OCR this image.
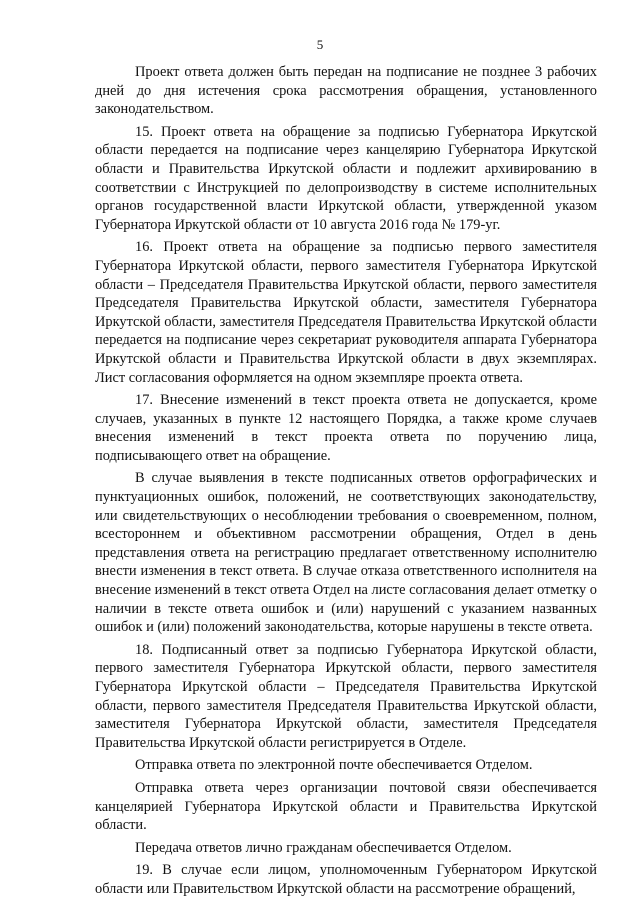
5

Проект ответа должен быть передан на подписание не позднее 3 рабочих дней до дня истечения срока рассмотрения обращения, установленного законодательством.

15. Проект ответа на обращение за подписью Губернатора Иркутской области передается на подписание через канцелярию Губернатора Иркутской области и Правительства Иркутской области и подлежит архивированию в соответствии с Инструкцией по делопроизводству в системе исполнительных органов государственной власти Иркутской области, утвержденной указом Губернатора Иркутской области от 10 августа 2016 года № 179-уг.

16. Проект ответа на обращение за подписью первого заместителя Губернатора Иркутской области, первого заместителя Губернатора Иркутской области – Председателя Правительства Иркутской области, первого заместителя Председателя Правительства Иркутской области, заместителя Губернатора Иркутской области, заместителя Председателя Правительства Иркутской области передается на подписание через секретариат руководителя аппарата Губернатора Иркутской области и Правительства Иркутской области в двух экземплярах. Лист согласования оформляется на одном экземпляре проекта ответа.

17. Внесение изменений в текст проекта ответа не допускается, кроме случаев, указанных в пункте 12 настоящего Порядка, а также кроме случаев внесения изменений в текст проекта ответа по поручению лица, подписывающего ответ на обращение.

В случае выявления в тексте подписанных ответов орфографических и пунктуационных ошибок, положений, не соответствующих законодательству, или свидетельствующих о несоблюдении требования о своевременном, полном, всестороннем и объективном рассмотрении обращения, Отдел в день представления ответа на регистрацию предлагает ответственному исполнителю внести изменения в текст ответа. В случае отказа ответственного исполнителя на внесение изменений в текст ответа Отдел на листе согласования делает отметку о наличии в тексте ответа ошибок и (или) нарушений с указанием названных ошибок и (или) положений законодательства, которые нарушены в тексте ответа.

18. Подписанный ответ за подписью Губернатора Иркутской области, первого заместителя Губернатора Иркутской области, первого заместителя Губернатора Иркутской области – Председателя Правительства Иркутской области, первого заместителя Председателя Правительства Иркутской области, заместителя Губернатора Иркутской области, заместителя Председателя Правительства Иркутской области регистрируется в Отделе.

Отправка ответа по электронной почте обеспечивается Отделом.

Отправка ответа через организации почтовой связи обеспечивается канцелярией Губернатора Иркутской области и Правительства Иркутской области.

Передача ответов лично гражданам обеспечивается Отделом.

19. В случае если лицом, уполномоченным Губернатором Иркутской области или Правительством Иркутской области на рассмотрение обращений,
